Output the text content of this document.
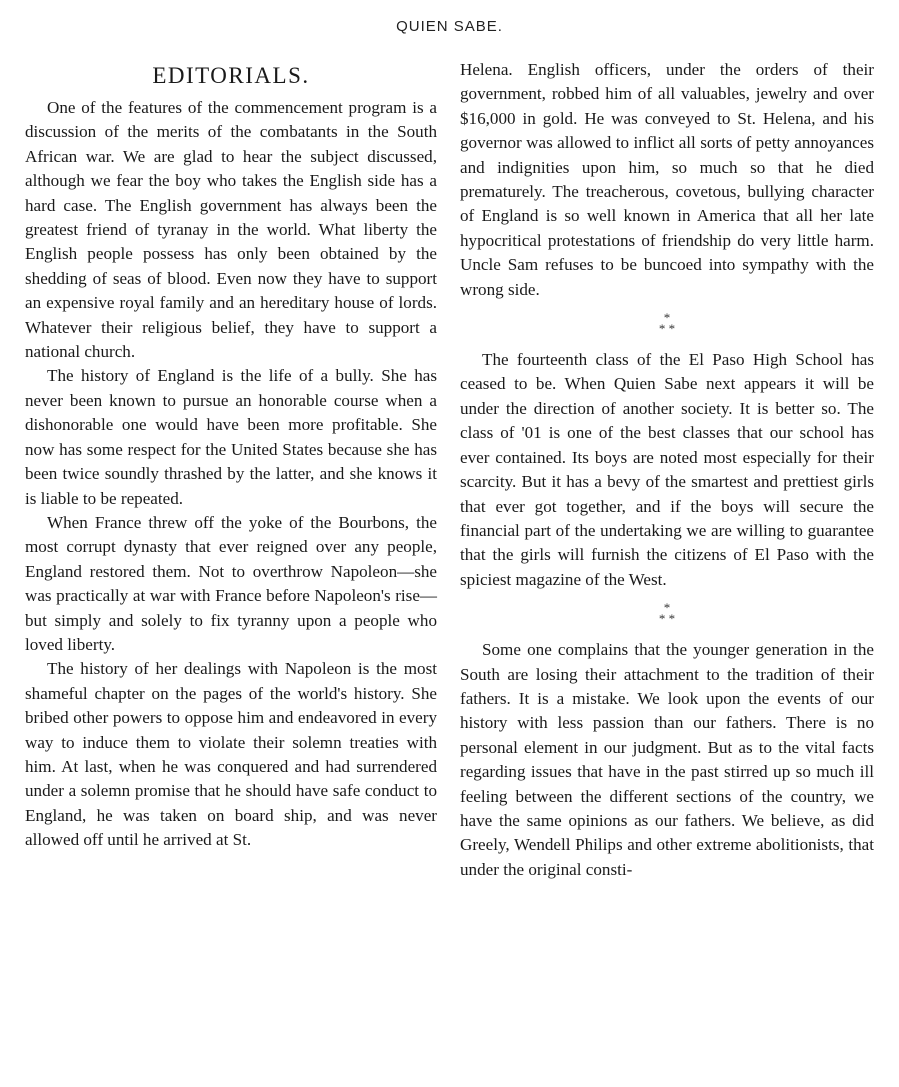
QUIEN SABE.
EDITORIALS.

One of the features of the commencement program is a discussion of the merits of the combatants in the South African war. We are glad to hear the subject discussed, although we fear the boy who takes the English side has a hard case. The English government has always been the greatest friend of tyranay in the world. What liberty the English people possess has only been obtained by the shedding of seas of blood. Even now they have to support an expensive royal family and an hereditary house of lords. Whatever their religious belief, they have to support a national church.

The history of England is the life of a bully. She has never been known to pursue an honorable course when a dishonorable one would have been more profitable. She now has some respect for the United States because she has been twice soundly thrashed by the latter, and she knows it is liable to be repeated.

When France threw off the yoke of the Bourbons, the most corrupt dynasty that ever reigned over any people, England restored them. Not to overthrow Napoleon—she was practically at war with France before Napoleon's rise—but simply and solely to fix tyranny upon a people who loved liberty.

The history of her dealings with Napoleon is the most shameful chapter on the pages of the world's history. She bribed other powers to oppose him and endeavored in every way to induce them to violate their solemn treaties with him. At last, when he was conquered and had surrendered under a solemn promise that he should have safe conduct to England, he was taken on board ship, and was never allowed off until he arrived at St.

Helena. English officers, under the orders of their government, robbed him of all valuables, jewelry and over $16,000 in gold. He was conveyed to St. Helena, and his governor was allowed to inflict all sorts of petty annoyances and indignities upon him, so much so that he died prematurely. The treacherous, covetous, bullying character of England is so well known in America that all her late hypocritical protestations of friendship do very little harm. Uncle Sam refuses to be buncoed into sympathy with the wrong side.

*
* *

The fourteenth class of the El Paso High School has ceased to be. When Quien Sabe next appears it will be under the direction of another society. It is better so. The class of '01 is one of the best classes that our school has ever contained. Its boys are noted most especially for their scarcity. But it has a bevy of the smartest and prettiest girls that ever got together, and if the boys will secure the financial part of the undertaking we are willing to guarantee that the girls will furnish the citizens of El Paso with the spiciest magazine of the West.

*
* *

Some one complains that the younger generation in the South are losing their attachment to the tradition of their fathers. It is a mistake. We look upon the events of our history with less passion than our fathers. There is no personal element in our judgment. But as to the vital facts regarding issues that have in the past stirred up so much ill feeling between the different sections of the country, we have the same opinions as our fathers. We believe, as did Greely, Wendell Philips and other extreme abolitionists, that under the original consti-
